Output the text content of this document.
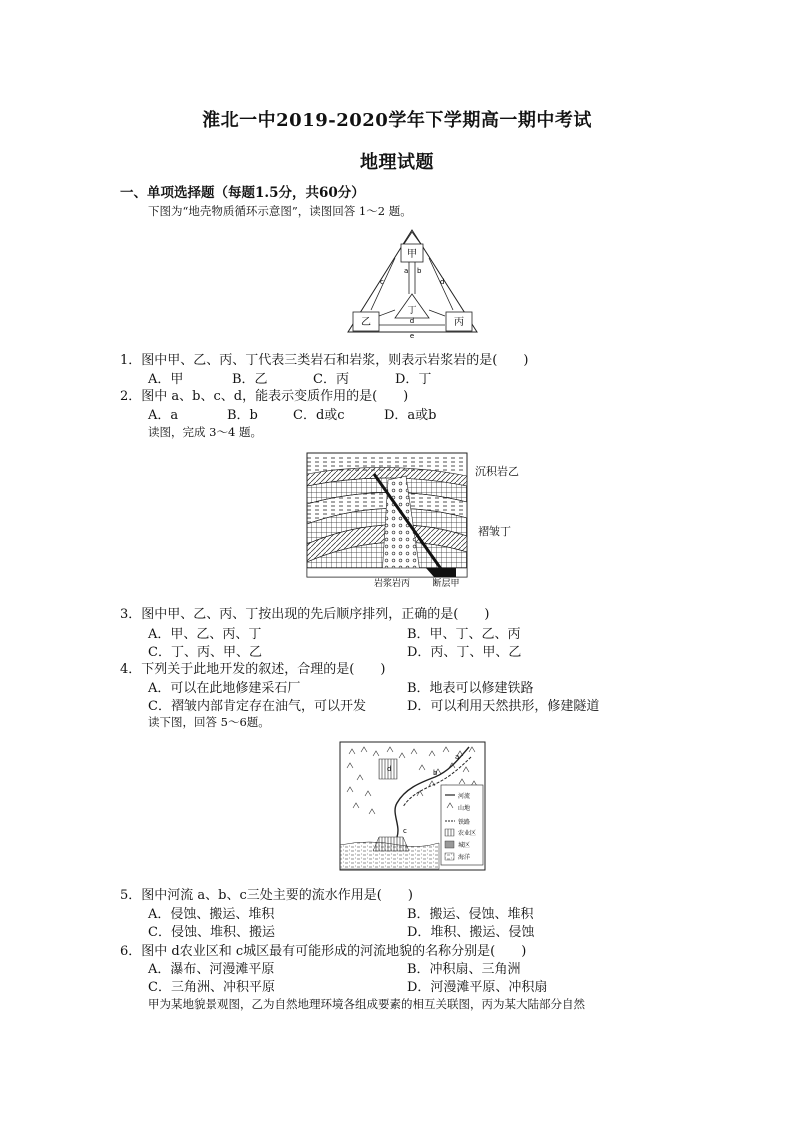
淮北一中2019-2020学年下学期高一期中考试
地理试题
一、单项选择题（每题1.5分，共60分）
下图为“地壳物质循环示意图”，读图回答 1～2 题。
甲
乙	丙
丁
a b
c	d
d
e
1．图中甲、乙、丙、丁代表三类岩石和岩浆，则表示岩浆岩的是(　　)
A．甲	B．乙	C．丙	D．丁
2．图中 a、b、c、d，能表示变质作用的是(　　)
A．a	B．b	C．d或c	D．a或b
读图，完成 3～4 题。
岩浆岩丙 断层甲
沉积岩乙
褶皱丁
3．图中甲、乙、丙、丁按出现的先后顺序排列，正确的是(　　)
A．甲、乙、丙、丁	B．甲、丁、乙、丙
C．丁、丙、甲、乙	D．丙、丁、甲、乙
4．下列关于此地开发的叙述，合理的是(　　)
A．可以在此地修建采石厂	B．地表可以修建铁路
C．褶皱内部肯定存在油气，可以开发	D．可以利用天然拱形，修建隧道
读下图，回答 5～6题。
a
b
c
d
河流
山地
铁路
农业区
城区
海洋
5．图中河流 a、b、c三处主要的流水作用是(　　)
A．侵蚀、搬运、堆积	B．搬运、侵蚀、堆积
C．侵蚀、堆积、搬运	D．堆积、搬运、侵蚀
6．图中 d农业区和 c城区最有可能形成的河流地貌的名称分别是(　　)
A．瀑布、河漫滩平原	B．冲积扇、三角洲
C．三角洲、冲积平原	D．河漫滩平原、冲积扇
甲为某地貌景观图，乙为自然地理环境各组成要素的相互关联图，丙为某大陆部分自然
